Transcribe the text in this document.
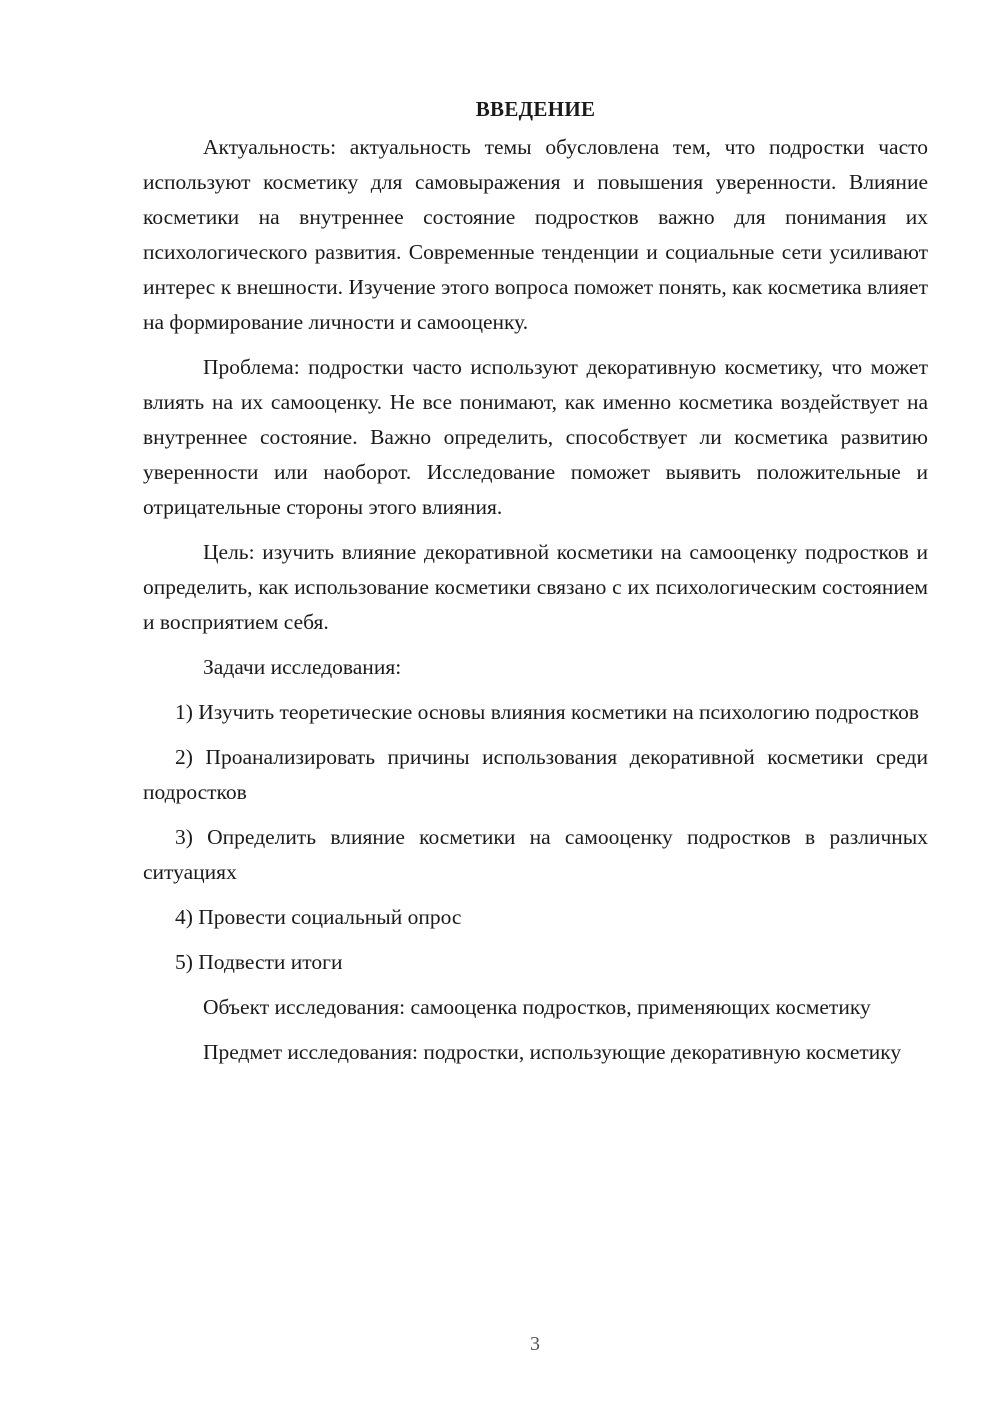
ВВЕДЕНИЕ

Актуальность: актуальность темы обусловлена тем, что подростки часто используют косметику для самовыражения и повышения уверенности. Влияние косметики на внутреннее состояние подростков важно для понимания их психологического развития. Современные тенденции и социальные сети усиливают интерес к внешности. Изучение этого вопроса поможет понять, как косметика влияет на формирование личности и самооценку.

Проблема: подростки часто используют декоративную косметику, что может влиять на их самооценку. Не все понимают, как именно косметика воздействует на внутреннее состояние. Важно определить, способствует ли косметика развитию уверенности или наоборот. Исследование поможет выявить положительные и отрицательные стороны этого влияния.

Цель: изучить влияние декоративной косметики на самооценку подростков и определить, как использование косметики связано с их психологическим состоянием и восприятием себя.

Задачи исследования:

1) Изучить теоретические основы влияния косметики на психологию подростков

2) Проанализировать причины использования декоративной косметики среди подростков

3) Определить влияние косметики на самооценку подростков в различных ситуациях

4) Провести социальный опрос

5) Подвести итоги

Объект исследования: самооценка подростков, применяющих косметику

Предмет исследования: подростки, использующие декоративную косметику

3
